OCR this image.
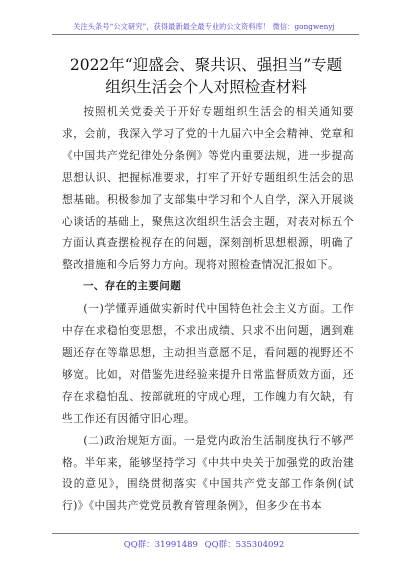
关注头条号“公文研究”，获得最新最全最专业的公文资料库！ 微信：gongwenyj
2022年“迎盛会、聚共识、强担当”专题
组织生活会个人对照检查材料

按照机关党委关于开好专题组织生活会的相关通知要求，会前，我深入学习了党的十九届六中全会精神、党章和《中国共产党纪律处分条例》等党内重要法规，进一步提高思想认识、把握标准要求，打牢了开好专题组织生活会的思想基础。积极参加了支部集中学习和个人自学，深入开展谈心谈话的基础上，聚焦这次组织生活会主题，对表对标五个方面认真查摆检视存在的问题，深刻剖析思想根源，明确了整改措施和今后努力方向。现将对照检查情况汇报如下。

一、存在的主要问题

(一)学懂弄通做实新时代中国特色社会主义方面。工作中存在求稳怕变思想，不求出成绩、只求不出问题，遇到难题还存在等靠思想，主动担当意愿不足，看问题的视野还不够宽。比如，对借鉴先进经验来提升日常监督质效方面，还存在求稳怕乱、按部就班的守成心理，工作魄力有欠缺，有些工作还有因循守旧心理。

(二)政治规矩方面。一是党内政治生活制度执行不够严格。半年来，能够坚持学习《中共中央关于加强党的政治建设的意见》，围绕贯彻落实《中国共产党支部工作条例(试行)》《中国共产党党员教育管理条例》，但多少在书本

QQ群：31991489 QQ群：535304092
